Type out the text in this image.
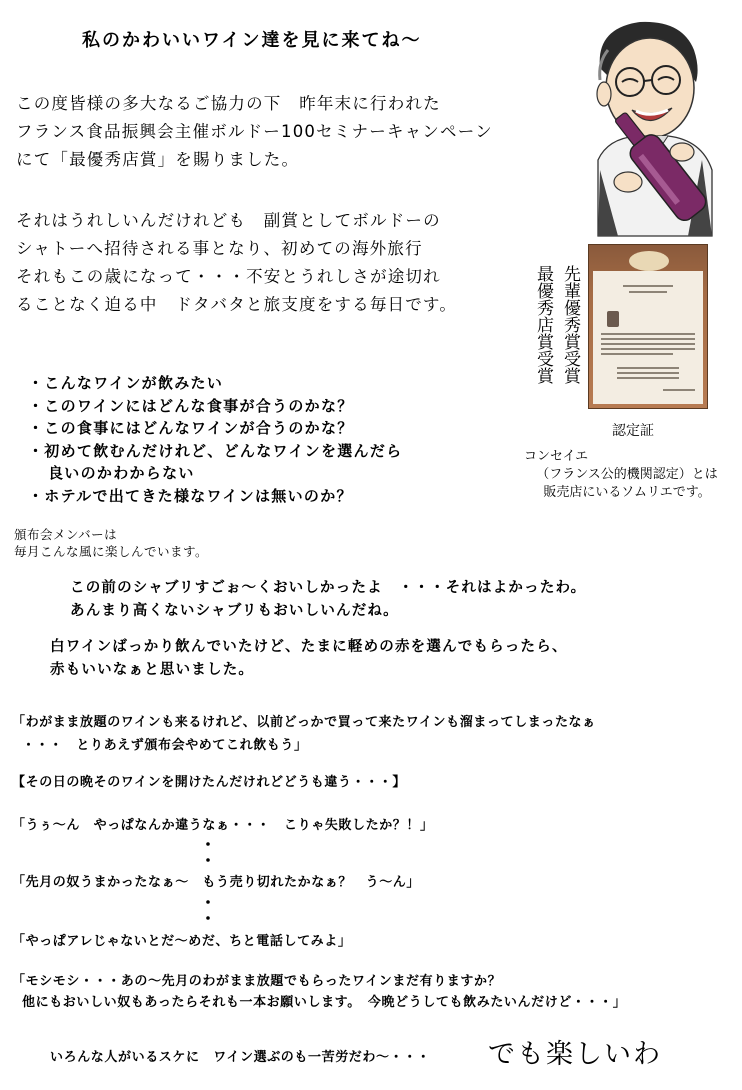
私のかわいいワイン達を見に来てね～
この度皆様の多大なるご協力の下　昨年末に行われた
フランス食品振興会主催ボルドー100セミナーキャンペーン
にて「最優秀店賞」を賜りました。
それはうれしいんだけれども　副賞としてボルドーの
シャトーへ招待される事となり、初めての海外旅行
それもこの歳になって・・・不安とうれしさが途切れ
ることなく迫る中　ドタバタと旅支度をする毎日です。	先輩優秀賞受賞
最優秀店賞受賞
認定証
コンセイエ
（フランス公的機関認定）とは
販売店にいるソムリエです。
・こんなワインが飲みたい
・このワインにはどんな食事が合うのかな？
・この食事にはどんなワインが合うのかな？
・初めて飲むんだけれど、どんなワインを選んだら
良いのかわからない
・ホテルで出てきた様なワインは無いのか？
頒布会メンバーは
毎月こんな風に楽しんでいます。
この前のシャブリすごぉ～くおいしかったよ　・・・それはよかったわ。
あんまり高くないシャブリもおいしいんだね。
白ワインばっかり飲んでいたけど、たまに軽めの赤を選んでもらったら、
赤もいいなぁと思いました。
「わがまま放題のワインも来るけれど、以前どっかで買って来たワインも溜まってしまったなぁ
・・・　とりあえず頒布会やめてこれ飲もう」
【その日の晩そのワインを開けたんだけれどどうも違う・・・】
「うぅ～ん　やっぱなんか違うなぁ・・・　こりゃ失敗したか？！」
・
・
「先月の奴うまかったなぁ～　もう売り切れたかなぁ？　う～ん」
・
・
「やっぱアレじゃないとだ～めだ、ちと電話してみよ」
「モシモシ・・・あの～先月のわがまま放題でもらったワインまだ有りますか？
他にもおいしい奴もあったらそれも一本お願いします。　今晩どうしても飲みたいんだけど・・・」
いろんな人がいるスケに　ワイン選ぶのも一苦労だわ～・・・ でも楽しいわ
